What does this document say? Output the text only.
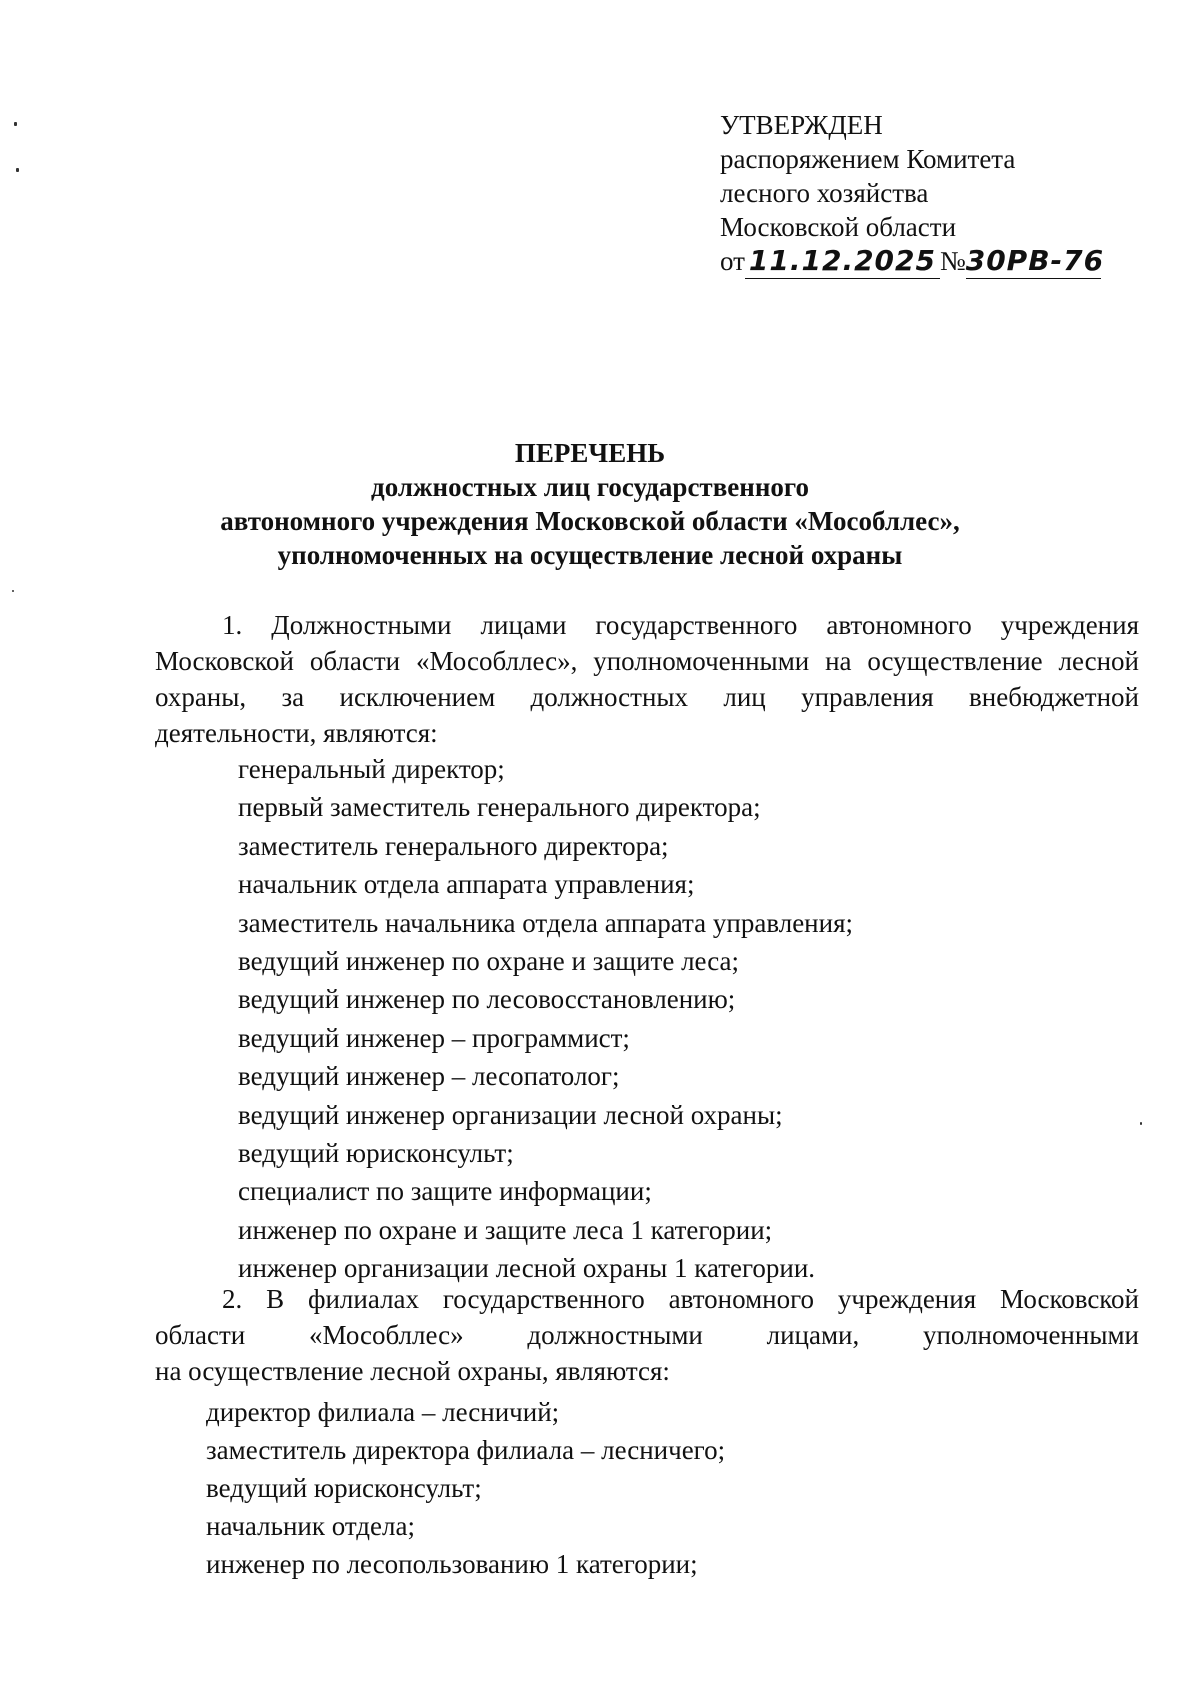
УТВЕРЖДЕН
распоряжением Комитета
лесного хозяйства
Московской области
от 11.12.2025 № 30РВ-76
ПЕРЕЧЕНЬ
должностных лиц государственного
автономного учреждения Московской области «Мособллес»,
уполномоченных на осуществление лесной охраны
1. Должностными лицами государственного автономного учреждения
Московской области «Мособллес», уполномоченными на осуществление лесной
охраны, за исключением должностных лиц управления внебюджетной
деятельности, являются:
генеральный директор;
первый заместитель генерального директора;
заместитель генерального директора;
начальник отдела аппарата управления;
заместитель начальника отдела аппарата управления;
ведущий инженер по охране и защите леса;
ведущий инженер по лесовосстановлению;
ведущий инженер – программист;
ведущий инженер – лесопатолог;
ведущий инженер организации лесной охраны;
ведущий юрисконсульт;
специалист по защите информации;
инженер по охране и защите леса 1 категории;
инженер организации лесной охраны 1 категории.
2. В филиалах государственного автономного учреждения Московской
области «Мособллес» должностными лицами, уполномоченными
на осуществление лесной охраны, являются:
директор филиала – лесничий;
заместитель директора филиала – лесничего;
ведущий юрисконсульт;
начальник отдела;
инженер по лесопользованию 1 категории;
